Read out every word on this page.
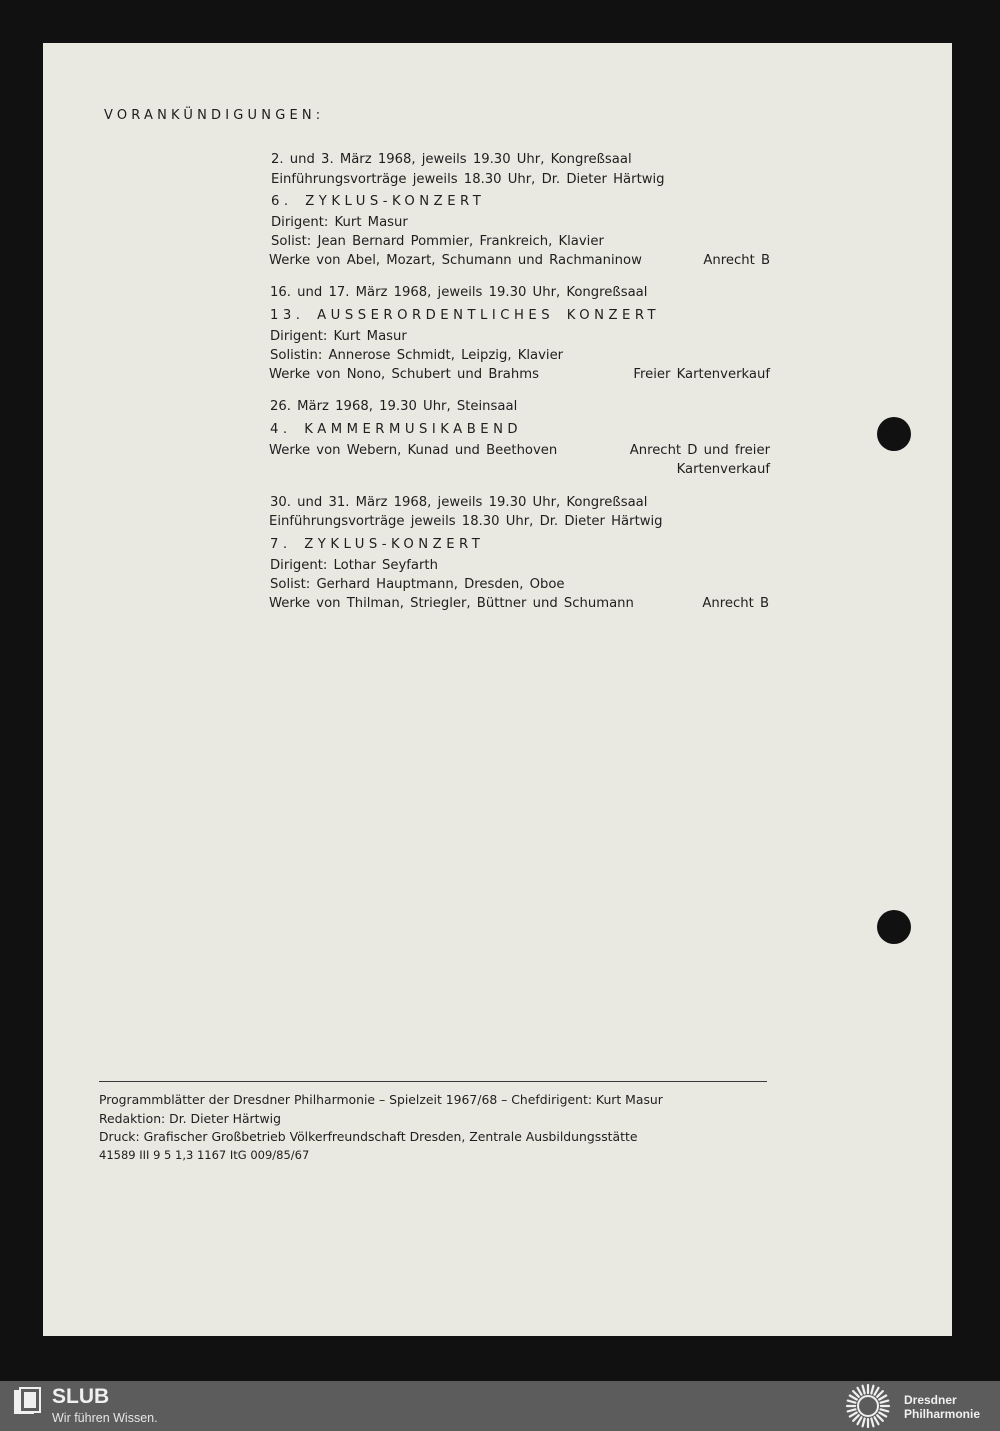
VORANKÜNDIGUNGEN:
2. und 3. März 1968, jeweils 19.30 Uhr, Kongreßsaal
Einführungsvorträge jeweils 18.30 Uhr, Dr. Dieter Härtwig
6. ZYKLUS-KONZERT
Dirigent: Kurt Masur
Solist: Jean Bernard Pommier, Frankreich, Klavier
Werke von Abel, Mozart, Schumann und Rachmaninow	Anrecht B
16. und 17. März 1968, jeweils 19.30 Uhr, Kongreßsaal
13. AUSSERORDENTLICHES KONZERT
Dirigent: Kurt Masur
Solistin: Annerose Schmidt, Leipzig, Klavier
Werke von Nono, Schubert und Brahms	Freier Kartenverkauf
26. März 1968, 19.30 Uhr, Steinsaal
4. KAMMERMUSIKABEND
Werke von Webern, Kunad und Beethoven	Anrecht D und freier
Kartenverkauf
30. und 31. März 1968, jeweils 19.30 Uhr, Kongreßsaal
Einführungsvorträge jeweils 18.30 Uhr, Dr. Dieter Härtwig
7. ZYKLUS-KONZERT
Dirigent: Lothar Seyfarth
Solist: Gerhard Hauptmann, Dresden, Oboe
Werke von Thilman, Striegler, Büttner und Schumann	Anrecht B
Programmblätter der Dresdner Philharmonie – Spielzeit 1967/68 – Chefdirigent: Kurt Masur
Redaktion: Dr. Dieter Härtwig
Druck: Grafischer Großbetrieb Völkerfreundschaft Dresden, Zentrale Ausbildungsstätte
41589 III 9 5 1,3 1167 ItG 009/85/67
SLUB
Wir führen Wissen.
Dresdner
Philharmonie
